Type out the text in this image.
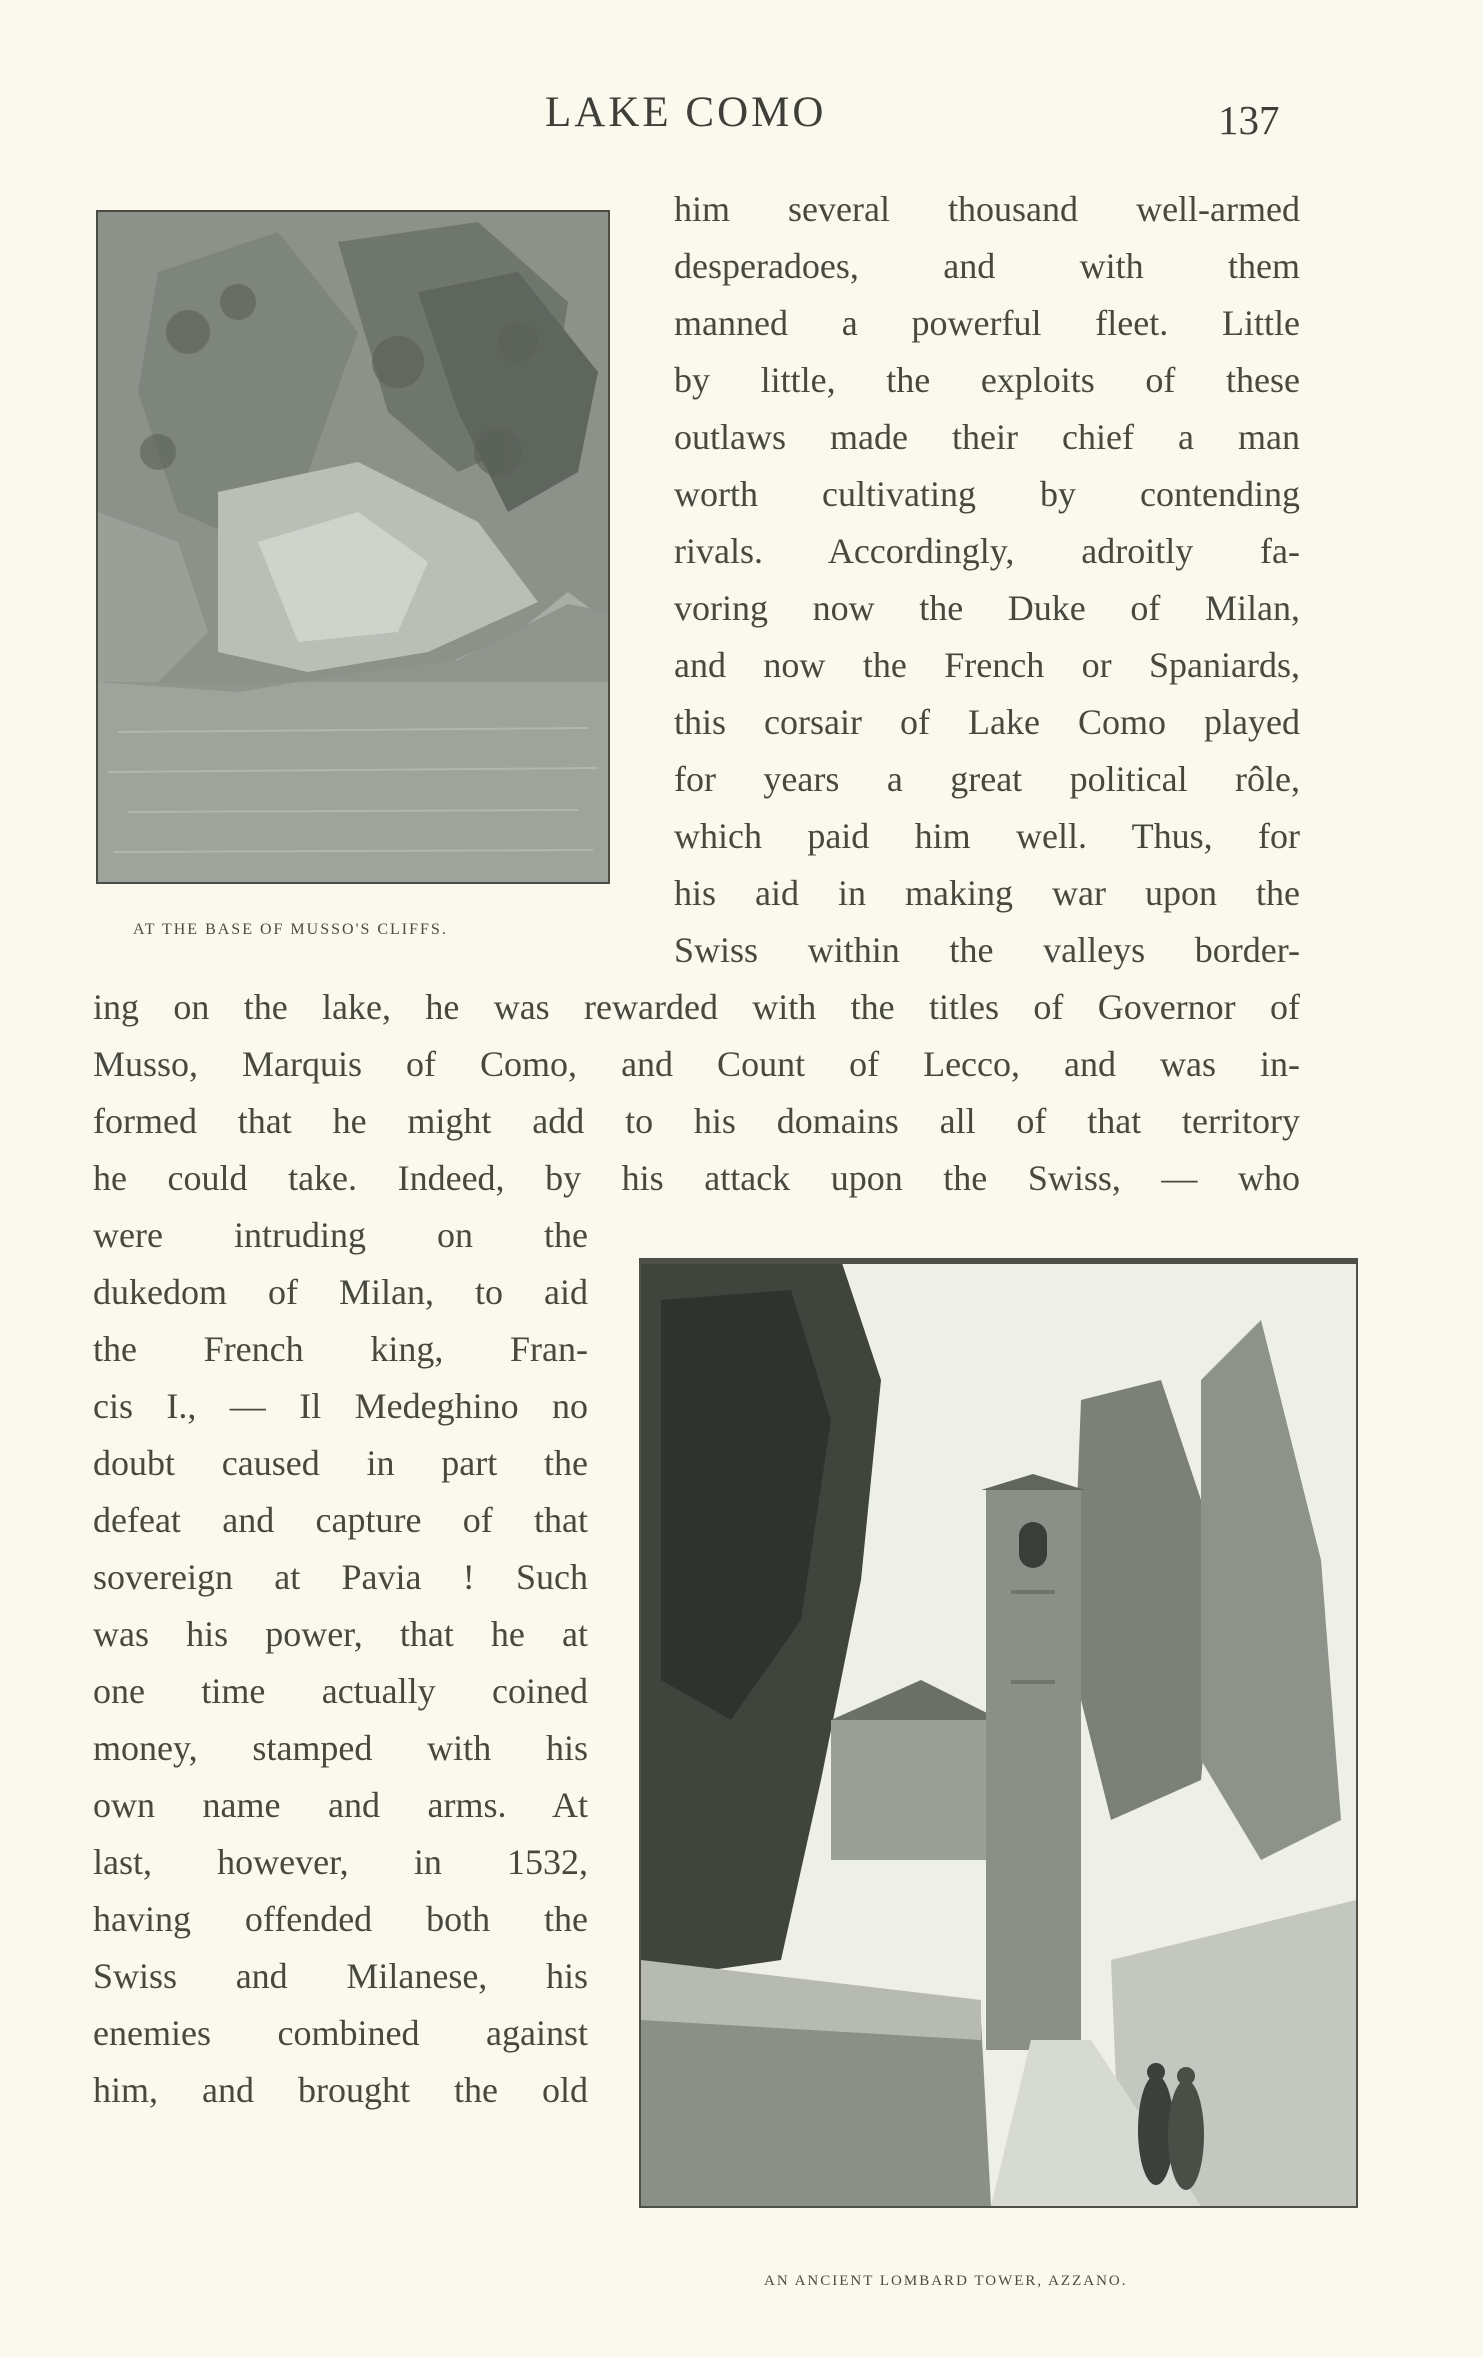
LAKE COMO	137
AT THE BASE OF MUSSO'S CLIFFS.
AN ANCIENT LOMBARD TOWER, AZZANO.
him several thousand well-armed
desperadoes, and with them
manned a powerful fleet. Little
by little, the exploits of these
outlaws made their chief a man
worth cultivating by contending
rivals. Accordingly, adroitly fa-
voring now the Duke of Milan,
and now the French or Spaniards,
this corsair of Lake Como played
for years a great political rôle,
which paid him well. Thus, for
his aid in making war upon the
Swiss within the valleys border-
ing on the lake, he was rewarded with the titles of Governor of
Musso, Marquis of Como, and Count of Lecco, and was in-
formed that he might add to his domains all of that territory
he could take. Indeed, by his attack upon the Swiss, — who
were intruding on the
dukedom of Milan, to aid
the French king, Fran-
cis I., — Il Medeghino no
doubt caused in part the
defeat and capture of that
sovereign at Pavia ! Such
was his power, that he at
one time actually coined
money, stamped with his
own name and arms. At
last, however, in 1532,
having offended both the
Swiss and Milanese, his
enemies combined against
him, and brought the old
